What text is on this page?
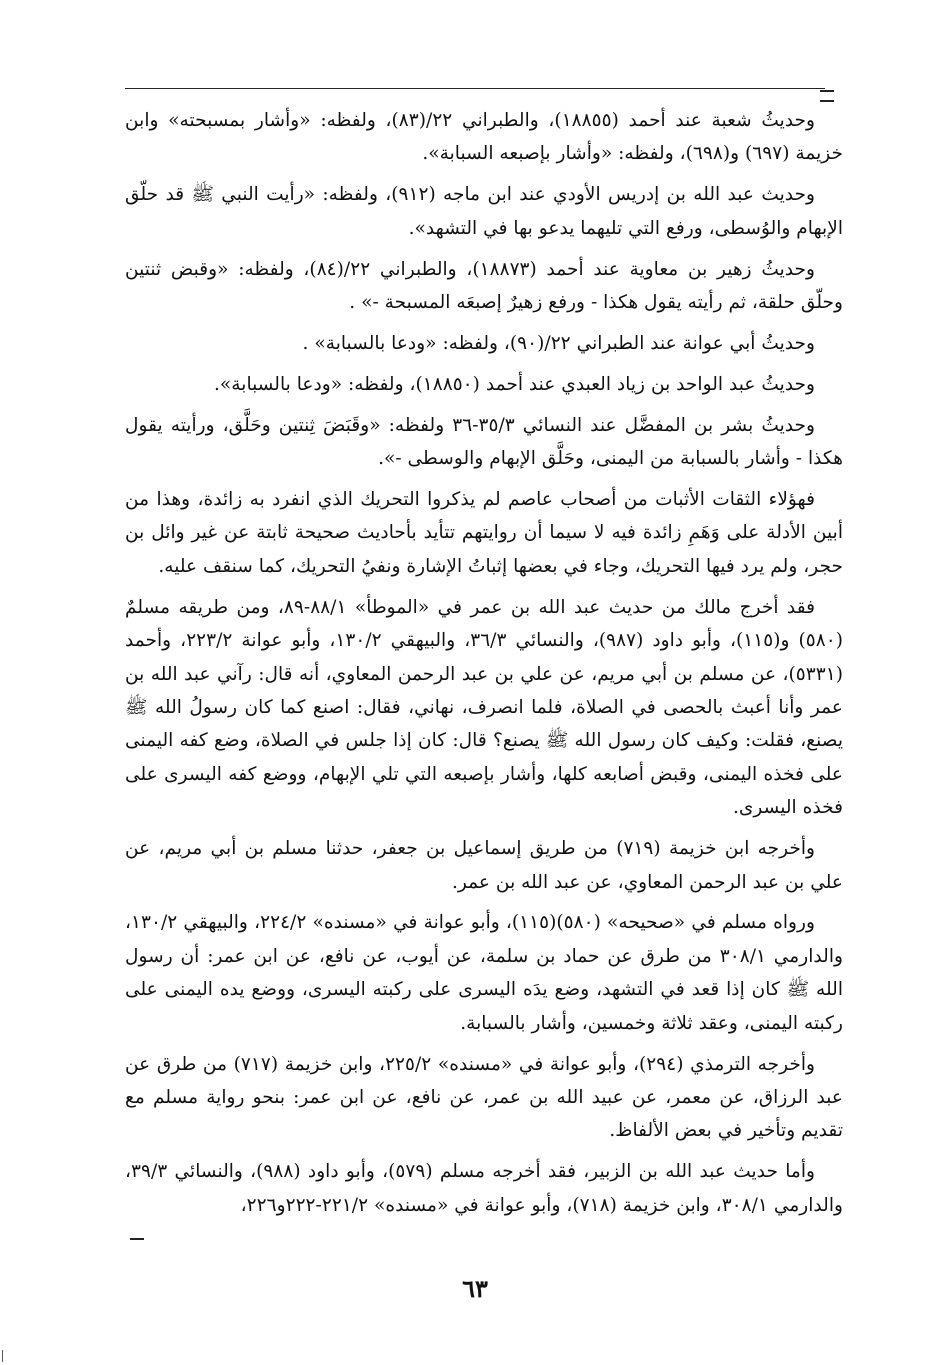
وحديثُ شعبة عند أحمد (١٨٨٥٥)، والطبراني ٢٢/(٨٣)، ولفظه: «وأشار بمسبحته» وابن خزيمة (٦٩٧) و(٦٩٨)، ولفظه: «وأشار بإصبعه السبابة».

وحديث عبد الله بن إدريس الأودي عند ابن ماجه (٩١٢)، ولفظه: «رأيت النبي ﷺ قد حلّق الإبهام والوُسطى، ورفع التي تليهما يدعو بها في التشهد».

وحديثُ زهير بن معاوية عند أحمد (١٨٨٧٣)، والطبراني ٢٢/(٨٤)، ولفظه: «وقبض ثنتين وحلّق حلقة، ثم رأيته يقول هكذا - ورفع زهيرٌ إصبعَه المسبحة -» .

وحديثُ أبي عوانة عند الطبراني ٢٢/(٩٠)، ولفظه: «ودعا بالسبابة» .

وحديثُ عبد الواحد بن زياد العبدي عند أحمد (١٨٨٥٠)، ولفظه: «ودعا بالسبابة».

وحديثُ بشر بن المفضَّل عند النسائي ٣٥/٣-٣٦ ولفظه: «وقَبَضَ ثِنتين وحَلَّق، ورأيته يقول هكذا - وأشار بالسبابة من اليمنى، وحَلَّق الإبهام والوسطى -».

فهؤلاء الثقات الأثبات من أصحاب عاصم لم يذكروا التحريك الذي انفرد به زائدة، وهذا من أبين الأدلة على وَهَمِ زائدة فيه لا سيما أن روايتهم تتأيد بأحاديث صحيحة ثابتة عن غير وائل بن حجر، ولم يرد فيها التحريك، وجاء في بعضها إثباتُ الإشارة ونفيُ التحريك، كما سنقف عليه.

فقد أخرج مالك من حديث عبد الله بن عمر في «الموطأ» ٨٨/١-٨٩، ومن طريقه مسلمٌ (٥٨٠) و(١١٥)، وأبو داود (٩٨٧)، والنسائي ٣٦/٣، والبيهقي ١٣٠/٢، وأبو عوانة ٢٢٣/٢، وأحمد (٥٣٣١)، عن مسلم بن أبي مريم، عن علي بن عبد الرحمن المعاوي، أنه قال: رآني عبد الله بن عمر وأنا أعبث بالحصى في الصلاة، فلما انصرف، نهاني، فقال: اصنع كما كان رسولُ الله ﷺ يصنع، فقلت: وكيف كان رسول الله ﷺ يصنع؟ قال: كان إذا جلس في الصلاة، وضع كفه اليمنى على فخذه اليمنى، وقبض أصابعه كلها، وأشار بإصبعه التي تلي الإبهام، ووضع كفه اليسرى على فخذه اليسرى.

وأخرجه ابن خزيمة (٧١٩) من طريق إسماعيل بن جعفر، حدثنا مسلم بن أبي مريم، عن علي بن عبد الرحمن المعاوي، عن عبد الله بن عمر.

ورواه مسلم في «صحيحه» (٥٨٠)(١١٥)، وأبو عوانة في «مسنده» ٢٢٤/٢، والبيهقي ١٣٠/٢، والدارمي ٣٠٨/١ من طرق عن حماد بن سلمة، عن أيوب، عن نافع، عن ابن عمر: أن رسول الله ﷺ كان إذا قعد في التشهد، وضع يدَه اليسرى على ركبته اليسرى، ووضع يده اليمنى على ركبته اليمنى، وعقد ثلاثة وخمسين، وأشار بالسبابة.

وأخرجه الترمذي (٢٩٤)، وأبو عوانة في «مسنده» ٢٢٥/٢، وابن خزيمة (٧١٧) من طرق عن عبد الرزاق، عن معمر، عن عبيد الله بن عمر، عن نافع، عن ابن عمر: بنحو رواية مسلم مع تقديم وتأخير في بعض الألفاظ.

وأما حديث عبد الله بن الزبير، فقد أخرجه مسلم (٥٧٩)، وأبو داود (٩٨٨)، والنسائي ٣٩/٣، والدارمي ٣٠٨/١، وابن خزيمة (٧١٨)، وأبو عوانة في «مسنده» ٢٢١/٢-٢٢٢و٢٢٦،

٦٣
